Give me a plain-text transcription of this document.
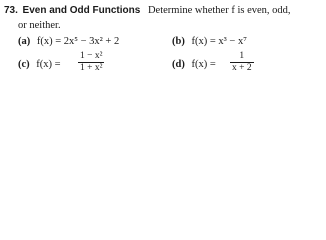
73. Even and Odd Functions Determine whether f is even, odd,
or neither.
(a) f(x) = 2x⁵ − 3x² + 2	(b) f(x) = x³ − x⁷
(c) $f(x) = \frac{\text{1 − x²}}{\text{1 + x²}}$	(d) $f(x) = \frac{1}{x + 2}$
